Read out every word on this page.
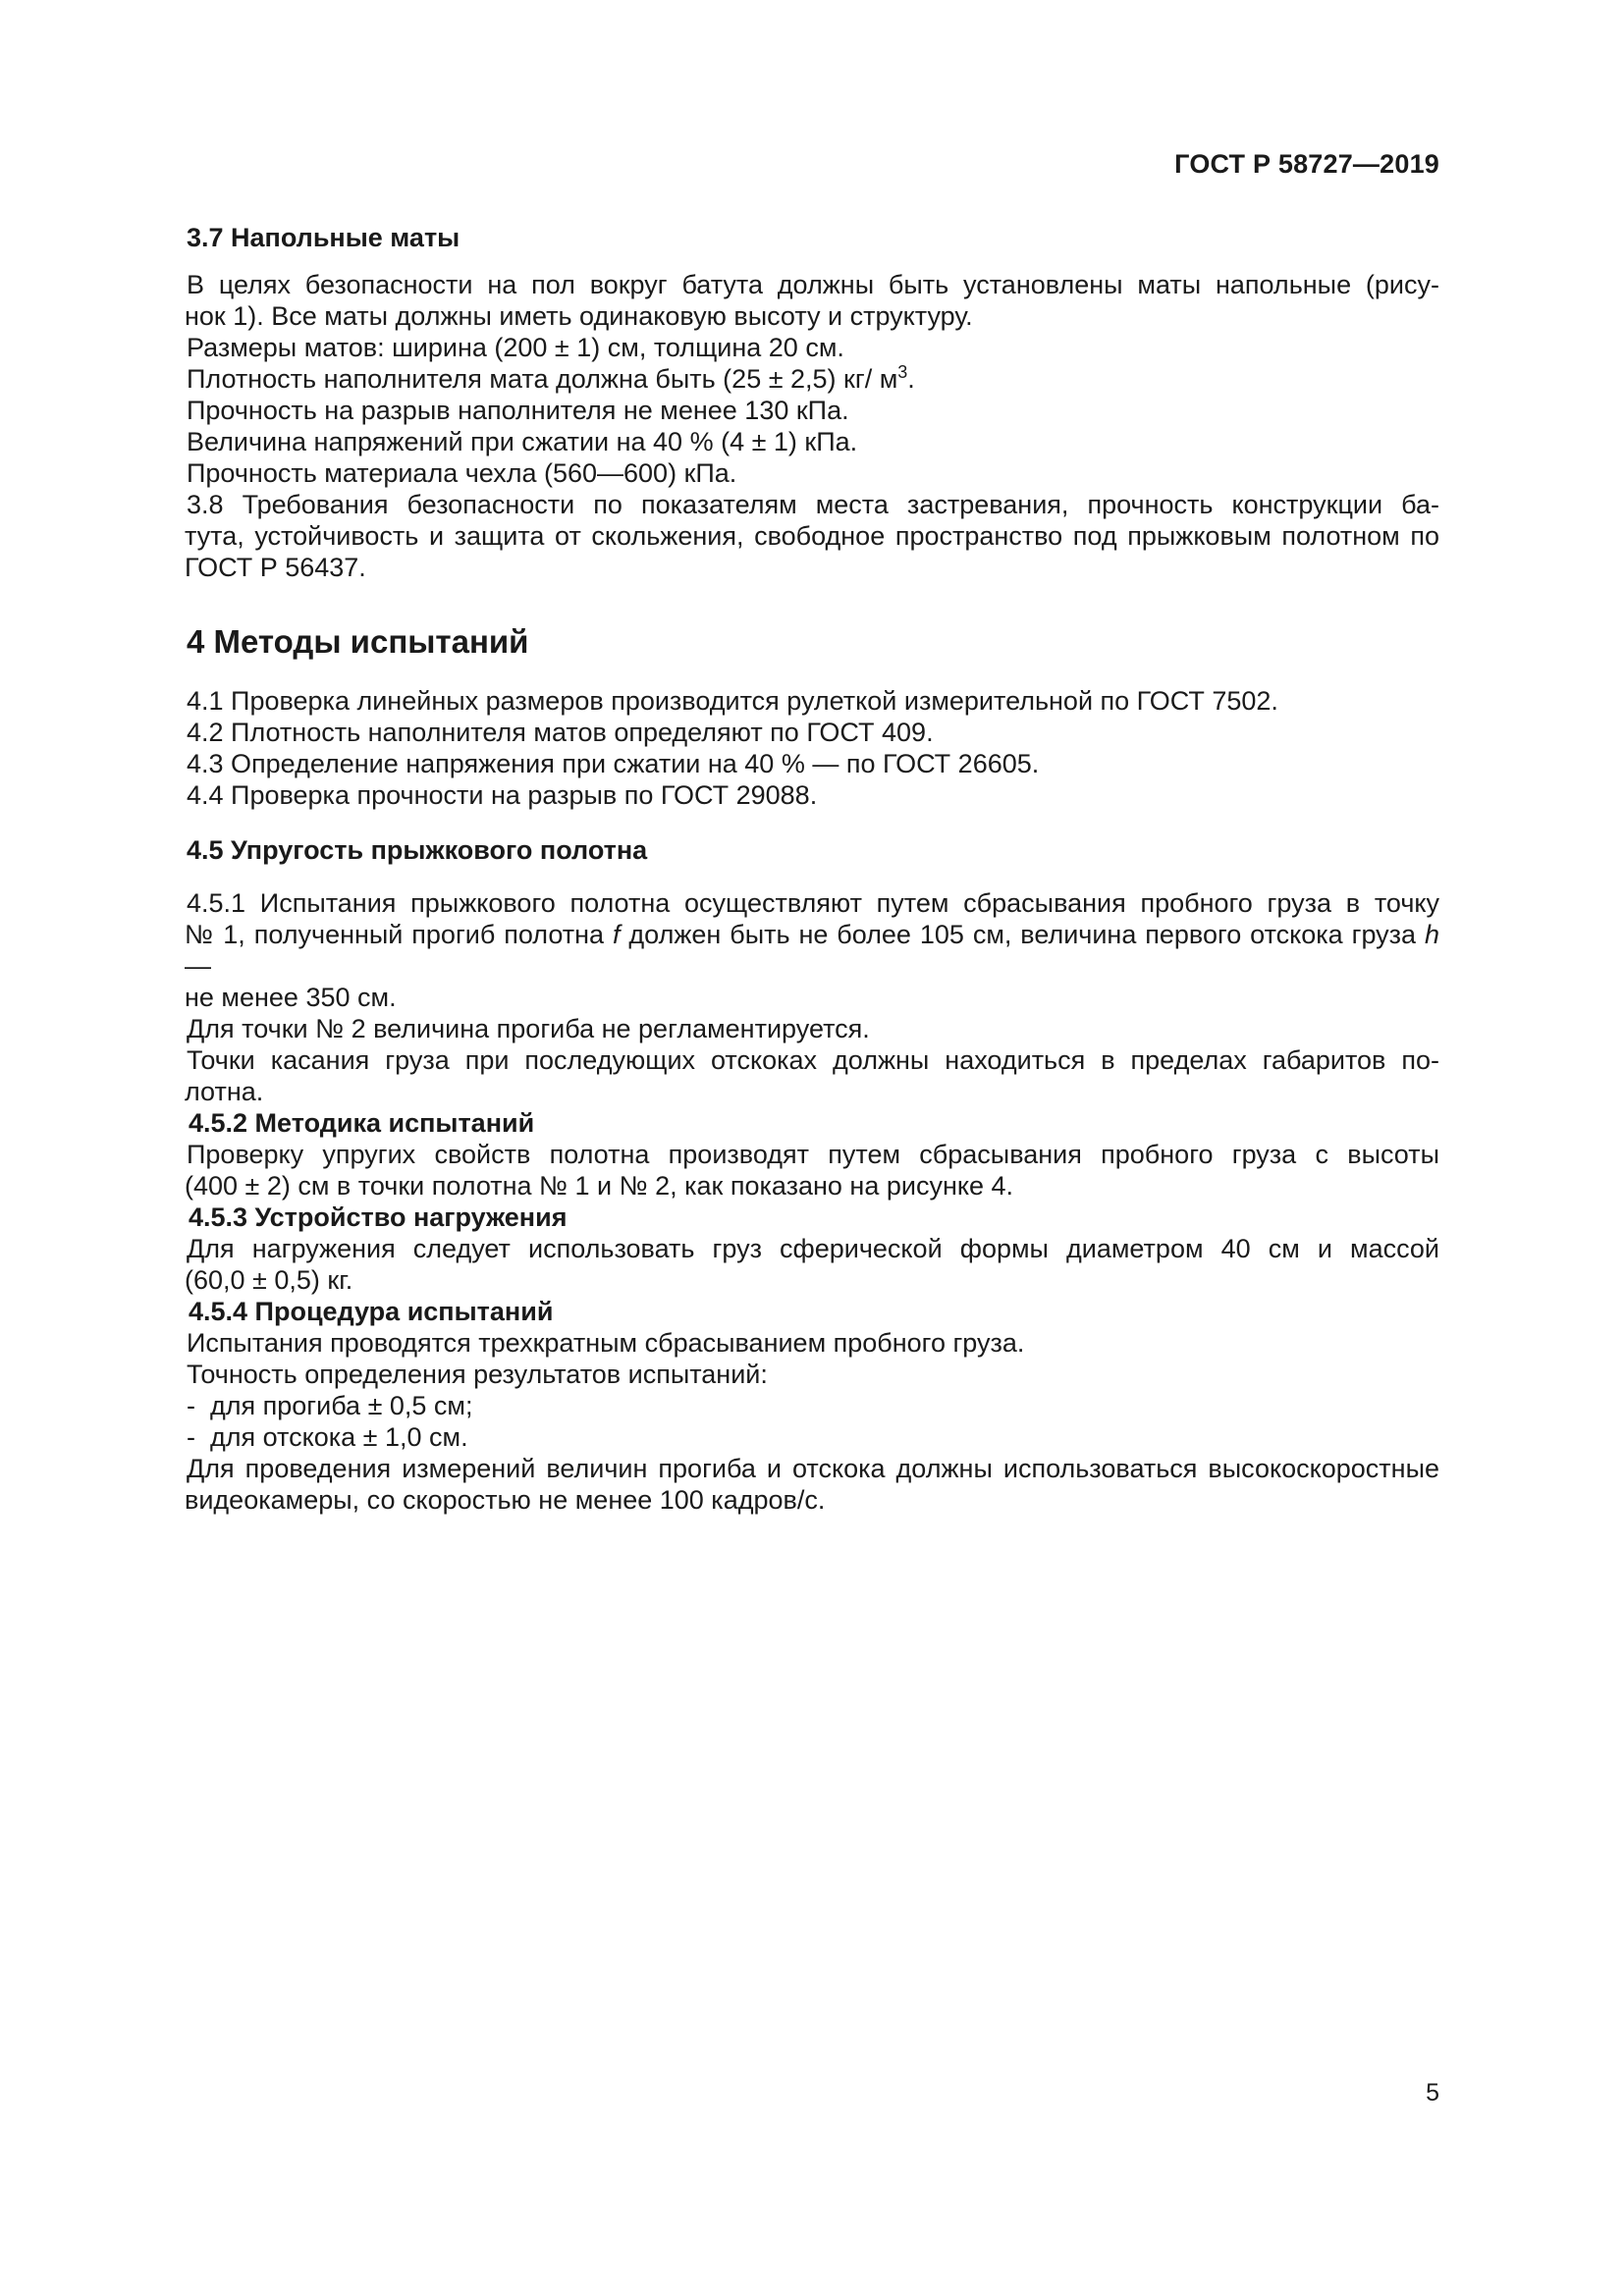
ГОСТ Р 58727—2019
3.7 Напольные маты
В целях безопасности на пол вокруг батута должны быть установлены маты напольные (рису-
нок 1). Все маты должны иметь одинаковую высоту и структуру.
Размеры матов: ширина (200 ± 1) см, толщина 20 см.
Плотность наполнителя мата должна быть (25 ± 2,5) кг/ $м^3$.
Прочность на разрыв наполнителя не менее 130 кПа.
Величина напряжений при сжатии на 40 % (4 ± 1) кПа.
Прочность материала чехла (560—600) кПа.
3.8 Требования безопасности по показателям места застревания, прочность конструкции ба-
тута, устойчивость и защита от скольжения, свободное пространство под прыжковым полотном по
ГОСТ Р 56437.
4 Методы испытаний
4.1 Проверка линейных размеров производится рулеткой измерительной по ГОСТ 7502.
4.2 Плотность наполнителя матов определяют по ГОСТ 409.
4.3 Определение напряжения при сжатии на 40 % — по ГОСТ 26605.
4.4 Проверка прочности на разрыв по ГОСТ 29088.
4.5 Упругость прыжкового полотна
4.5.1 Испытания прыжкового полотна осуществляют путем сбрасывания пробного груза в точку
№ 1, полученный прогиб полотна f должен быть не более 105 см, величина первого отскока груза h —
не менее 350 см.
Для точки № 2 величина прогиба не регламентируется.
Точки касания груза при последующих отскоках должны находиться в пределах габаритов по-
лотна.
4.5.2 Методика испытаний
Проверку упругих свойств полотна производят путем сбрасывания пробного груза с высоты
(400 ± 2) см в точки полотна № 1 и № 2, как показано на рисунке 4.
4.5.3 Устройство нагружения
Для нагружения следует использовать груз сферической формы диаметром 40 см и массой
(60,0 ± 0,5) кг.
4.5.4 Процедура испытаний
Испытания проводятся трехкратным сбрасыванием пробного груза.
Точность определения результатов испытаний:
-  для прогиба ± 0,5 см;
-  для отскока ± 1,0 см.
Для проведения измерений величин прогиба и отскока должны использоваться высокоскоростные
видеокамеры, со скоростью не менее 100 кадров/с.
5
